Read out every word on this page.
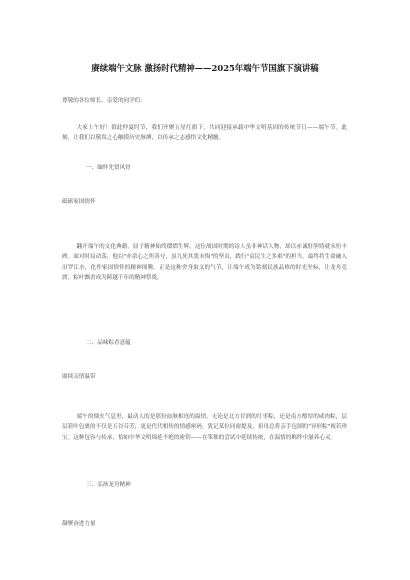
赓续端午文脉 激扬时代精神——2025年端午节国旗下演讲稿
尊敬的各位师长、亲爱的同学们：
大家上午好！值此仲夏时节，我们齐聚五星红旗下，共同迎接承载中华文明基因的传统节日——端午节。此刻，让我们以敬畏之心触摸历史脉搏，以传承之志感悟文化精髓。
一、缅怀先贤风骨
砥砺家国情怀
翻开端午的文化典籍，屈子精神始终熠熠生辉。这位战国时期的诗人虽非神话人物，却以赤诚肝胆铸就永恒丰碑。面对时局动荡，他以"亦余心之所善兮，虽九死其犹未悔"的坚贞，践行"哀民生之多艰"的担当，最终将生命融入汨罗江水，化作家国情怀的精神图腾。正是这种舍身取义的气节，让端午成为铭刻民族品格的时光坐标，让龙舟竞渡、粽叶飘香成为跨越千年的精神祭奠。
二、品味粽香意蕴
赓续亲情温带
端午的烟火气息里，最动人的是那份血脉相连的温情。无论是北方甘润的红枣粽，还是南方醇厚的咸肉粽，层层箬叶包裹的不仅是五谷芬芳，更是代代相传的情感密码。犹记某位同窗提及，祖母总将亲手包制的"异形粽"视若珍宝。这种包容与传承，恰如中华文明绵延不绝的密钥——在笨拙的尝试中延续传统，在温情的羁绊中滋养心灵。
三、弘扬龙舟精神
凝聚奋进力量
